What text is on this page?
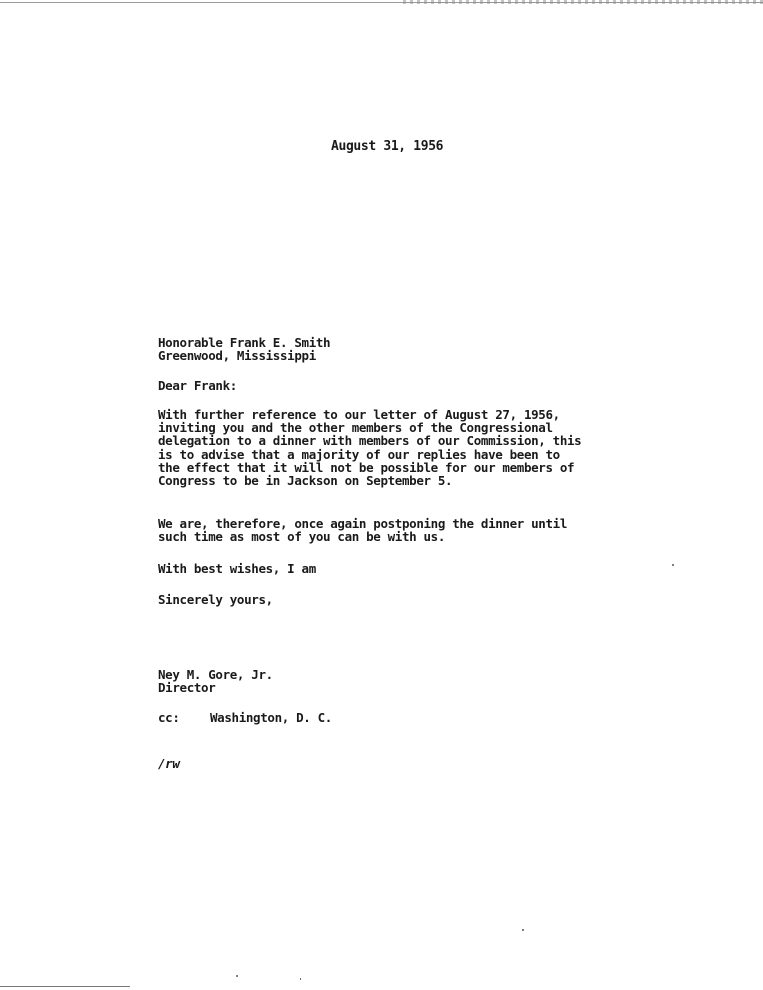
August 31, 1956
Honorable Frank E. Smith
Greenwood, Mississippi
Dear Frank:
With further reference to our letter of August 27, 1956,
inviting you and the other members of the Congressional
delegation to a dinner with members of our Commission, this
is to advise that a majority of our replies have been to
the effect that it will not be possible for our members of
Congress to be in Jackson on September 5.
We are, therefore, once again postponing the dinner until
such time as most of you can be with us.
With best wishes, I am
Sincerely yours,
Ney M. Gore, Jr.
Director
cc: Washington, D. C.
/rw
